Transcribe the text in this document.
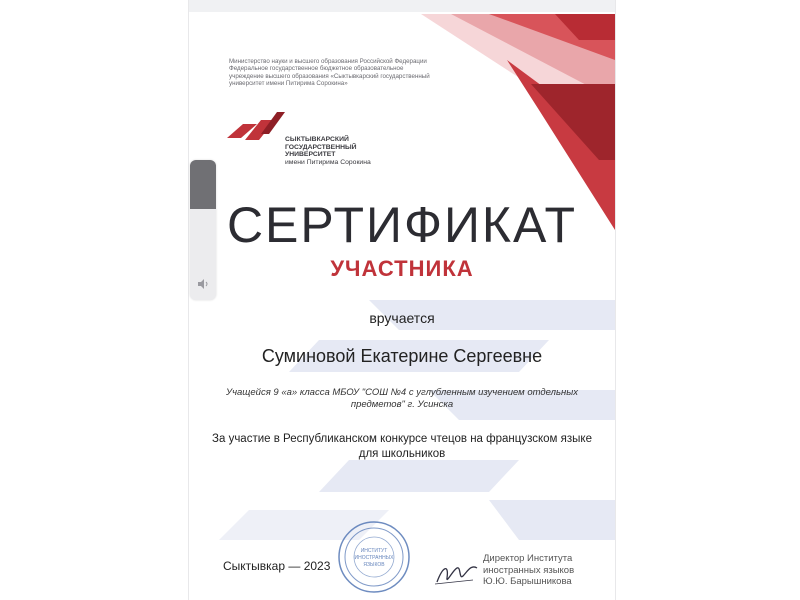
Министерство науки и высшего образования Российской Федерации
Федеральное государственное бюджетное образовательное
учреждение высшего образования «Сыктывкарский государственный
университет имени Питирима Сорокина»
СЫКТЫВКАРСКИЙ
ГОСУДАРСТВЕННЫЙ
УНИВЕРСИТЕТ
имени Питирима Сорокина
СЕРТИФИКАТ
УЧАСТНИКА
вручается
Суминовой Екатерине Сергеевне
Учащейся 9 «а» класса МБОУ "СОШ №4 с углубленным изучением отдельных предметов" г. Усинска
За участие в Республиканском конкурсе чтецов на французском языке для школьников
Сыктывкар — 2023
ИНСТИТУТ
ИНОСТРАННЫХ
ЯЗЫКОВ
Директор Института
иностранных языков
Ю.Ю. Барышникова
